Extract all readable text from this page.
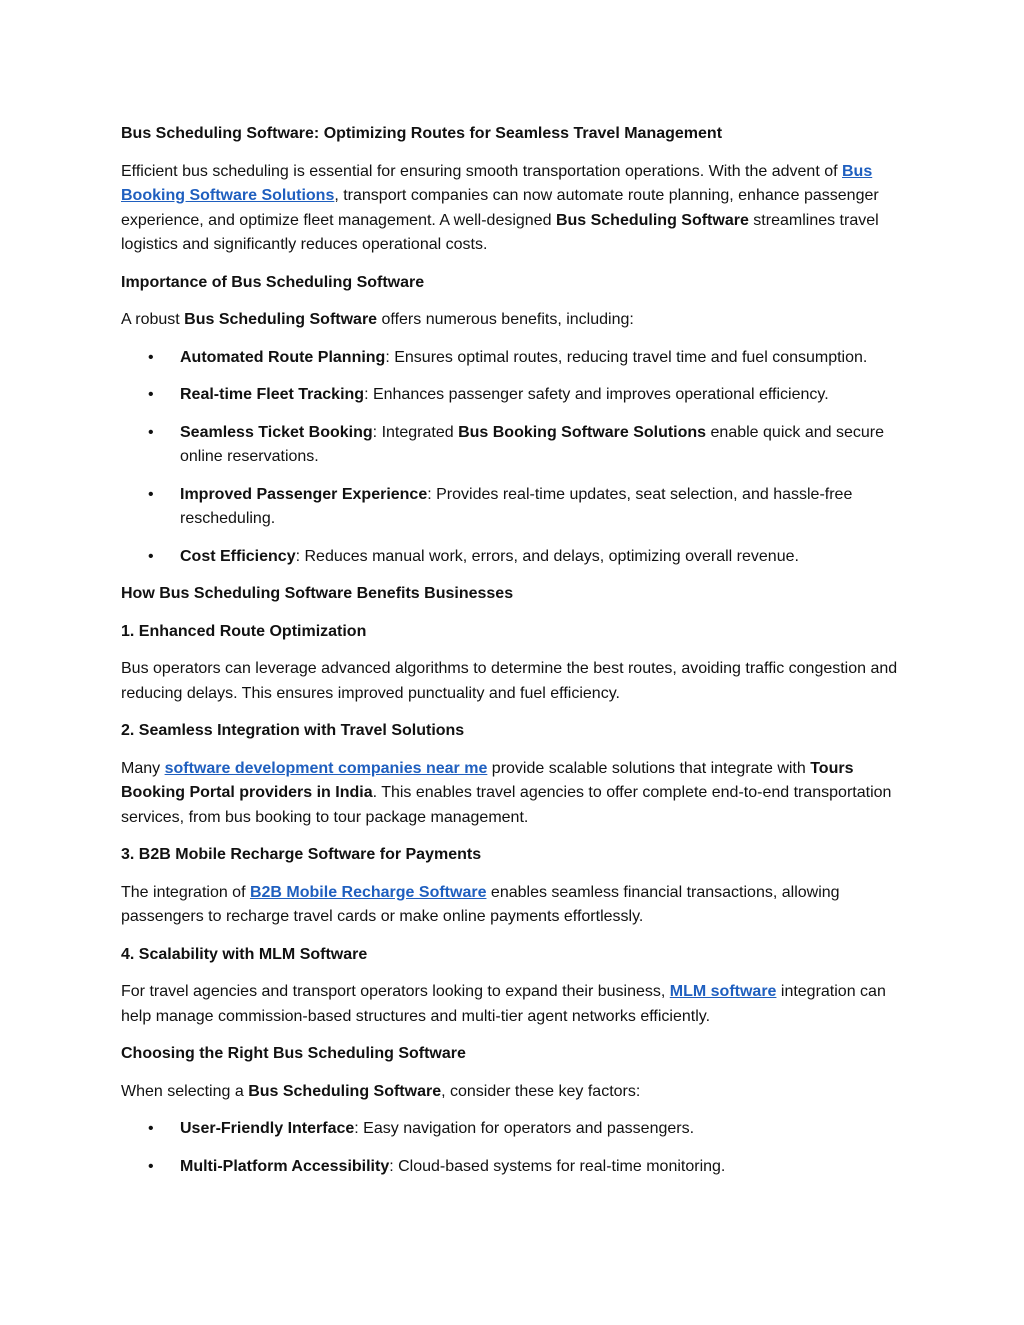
Bus Scheduling Software: Optimizing Routes for Seamless Travel Management

Efficient bus scheduling is essential for ensuring smooth transportation operations. With the advent of Bus Booking Software Solutions, transport companies can now automate route planning, enhance passenger experience, and optimize fleet management. A well-designed Bus Scheduling Software streamlines travel logistics and significantly reduces operational costs.

Importance of Bus Scheduling Software

A robust Bus Scheduling Software offers numerous benefits, including:

• Automated Route Planning: Ensures optimal routes, reducing travel time and fuel consumption.
• Real-time Fleet Tracking: Enhances passenger safety and improves operational efficiency.
• Seamless Ticket Booking: Integrated Bus Booking Software Solutions enable quick and secure online reservations.
• Improved Passenger Experience: Provides real-time updates, seat selection, and hassle-free rescheduling.
• Cost Efficiency: Reduces manual work, errors, and delays, optimizing overall revenue.

How Bus Scheduling Software Benefits Businesses

1. Enhanced Route Optimization

Bus operators can leverage advanced algorithms to determine the best routes, avoiding traffic congestion and reducing delays. This ensures improved punctuality and fuel efficiency.

2. Seamless Integration with Travel Solutions

Many software development companies near me provide scalable solutions that integrate with Tours Booking Portal providers in India. This enables travel agencies to offer complete end-to-end transportation services, from bus booking to tour package management.

3. B2B Mobile Recharge Software for Payments

The integration of B2B Mobile Recharge Software enables seamless financial transactions, allowing passengers to recharge travel cards or make online payments effortlessly.

4. Scalability with MLM Software

For travel agencies and transport operators looking to expand their business, MLM software integration can help manage commission-based structures and multi-tier agent networks efficiently.

Choosing the Right Bus Scheduling Software

When selecting a Bus Scheduling Software, consider these key factors:

• User-Friendly Interface: Easy navigation for operators and passengers.
• Multi-Platform Accessibility: Cloud-based systems for real-time monitoring.
